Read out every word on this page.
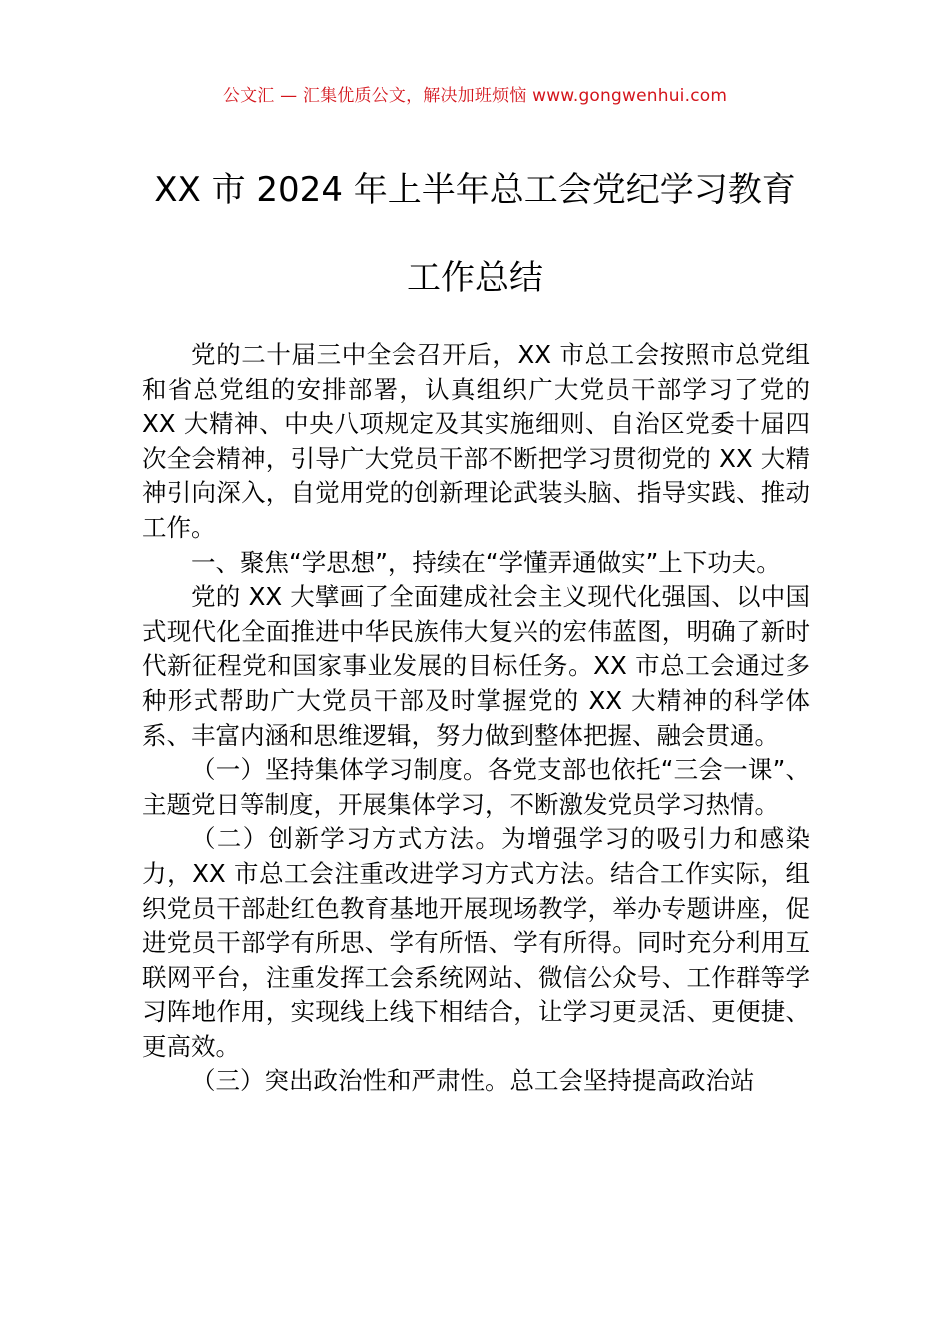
公文汇 — 汇集优质公文，解决加班烦恼 www.gongwenhui.com
XX 市 2024 年上半年总工会党纪学习教育
工作总结

党的二十届三中全会召开后，XX 市总工会按照市总党组和省总党组的安排部署，认真组织广大党员干部学习了党的 XX 大精神、中央八项规定及其实施细则、自治区党委十届四次全会精神，引导广大党员干部不断把学习贯彻党的 XX 大精神引向深入，自觉用党的创新理论武装头脑、指导实践、推动工作。

一、聚焦“学思想”，持续在“学懂弄通做实”上下功夫。

党的 XX 大擘画了全面建成社会主义现代化强国、以中国式现代化全面推进中华民族伟大复兴的宏伟蓝图，明确了新时代新征程党和国家事业发展的目标任务。XX 市总工会通过多种形式帮助广大党员干部及时掌握党的 XX 大精神的科学体系、丰富内涵和思维逻辑，努力做到整体把握、融会贯通。

（一）坚持集体学习制度。各党支部也依托“三会一课”、主题党日等制度，开展集体学习，不断激发党员学习热情。

（二）创新学习方式方法。为增强学习的吸引力和感染力，XX 市总工会注重改进学习方式方法。结合工作实际，组织党员干部赴红色教育基地开展现场教学，举办专题讲座，促进党员干部学有所思、学有所悟、学有所得。同时充分利用互联网平台，注重发挥工会系统网站、微信公众号、工作群等学习阵地作用，实现线上线下相结合，让学习更灵活、更便捷、更高效。

（三）突出政治性和严肃性。总工会坚持提高政治站
